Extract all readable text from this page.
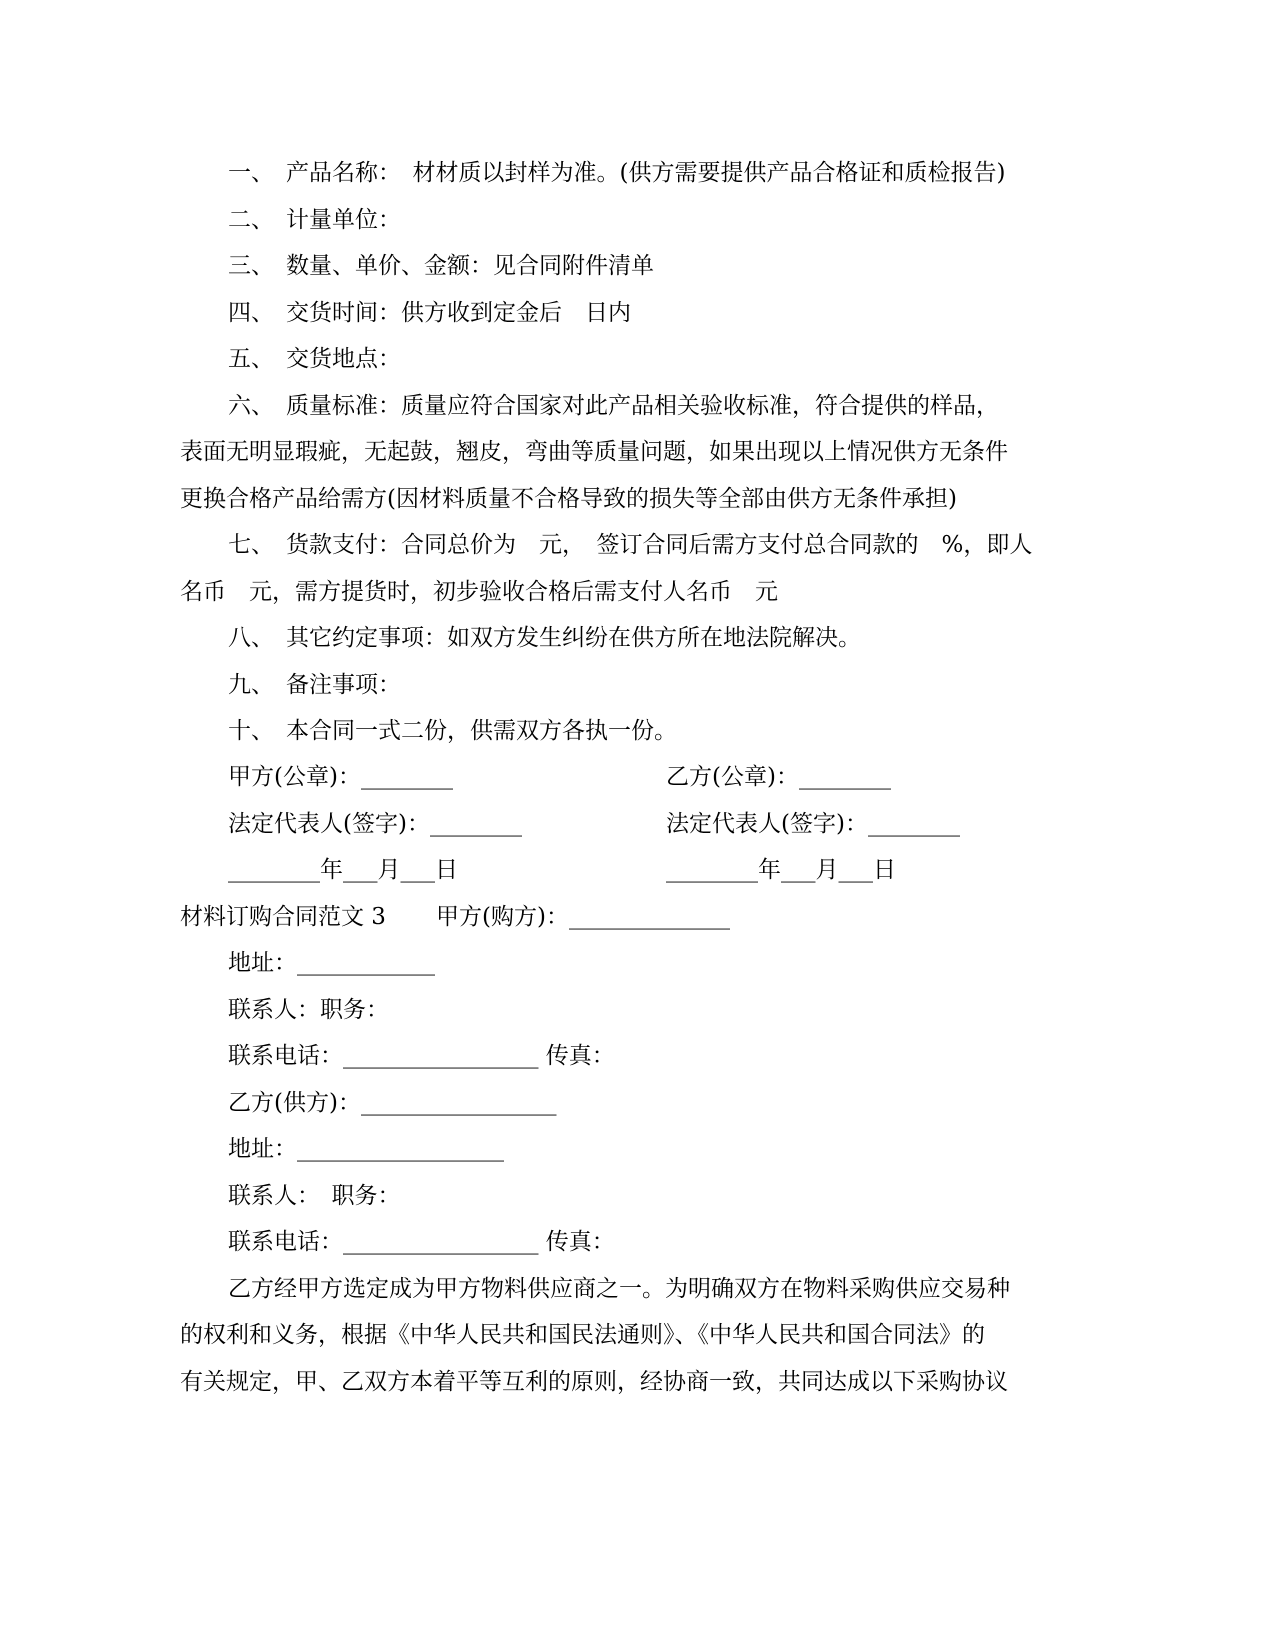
一、 产品名称：　材材质以封样为准。(供方需要提供产品合格证和质检报告)
二、 计量单位：
三、 数量、单价、金额：见合同附件清单
四、 交货时间：供方收到定金后　日内
五、 交货地点：
六、 质量标准：质量应符合国家对此产品相关验收标准，符合提供的样品，
表面无明显瑕疵，无起鼓，翘皮，弯曲等质量问题，如果出现以上情况供方无条件
更换合格产品给需方(因材料质量不合格导致的损失等全部由供方无条件承担)
七、 货款支付：合同总价为　元，　签订合同后需方支付总合同款的　%，即人
名币　元，需方提货时，初步验收合格后需支付人名币　元
八、 其它约定事项：如双方发生纠纷在供方所在地法院解决。
九、 备注事项：
十、 本合同一式二份，供需双方各执一份。
甲方(公章)：________	乙方(公章)：________
法定代表人(签字)：________	法定代表人(签字)：________
________年___月___日	________年___月___日
材料订购合同范文 3 甲方(购方)：______________
地址：____________
联系人：职务：
联系电话：_________________ 传真：
乙方(供方)：_________________
地址：__________________
联系人：　职务：
联系电话：_________________ 传真：
乙方经甲方选定成为甲方物料供应商之一。为明确双方在物料采购供应交易种
的权利和义务，根据《中华人民共和国民法通则》、《中华人民共和国合同法》的
有关规定，甲、乙双方本着平等互利的原则，经协商一致，共同达成以下采购协议
